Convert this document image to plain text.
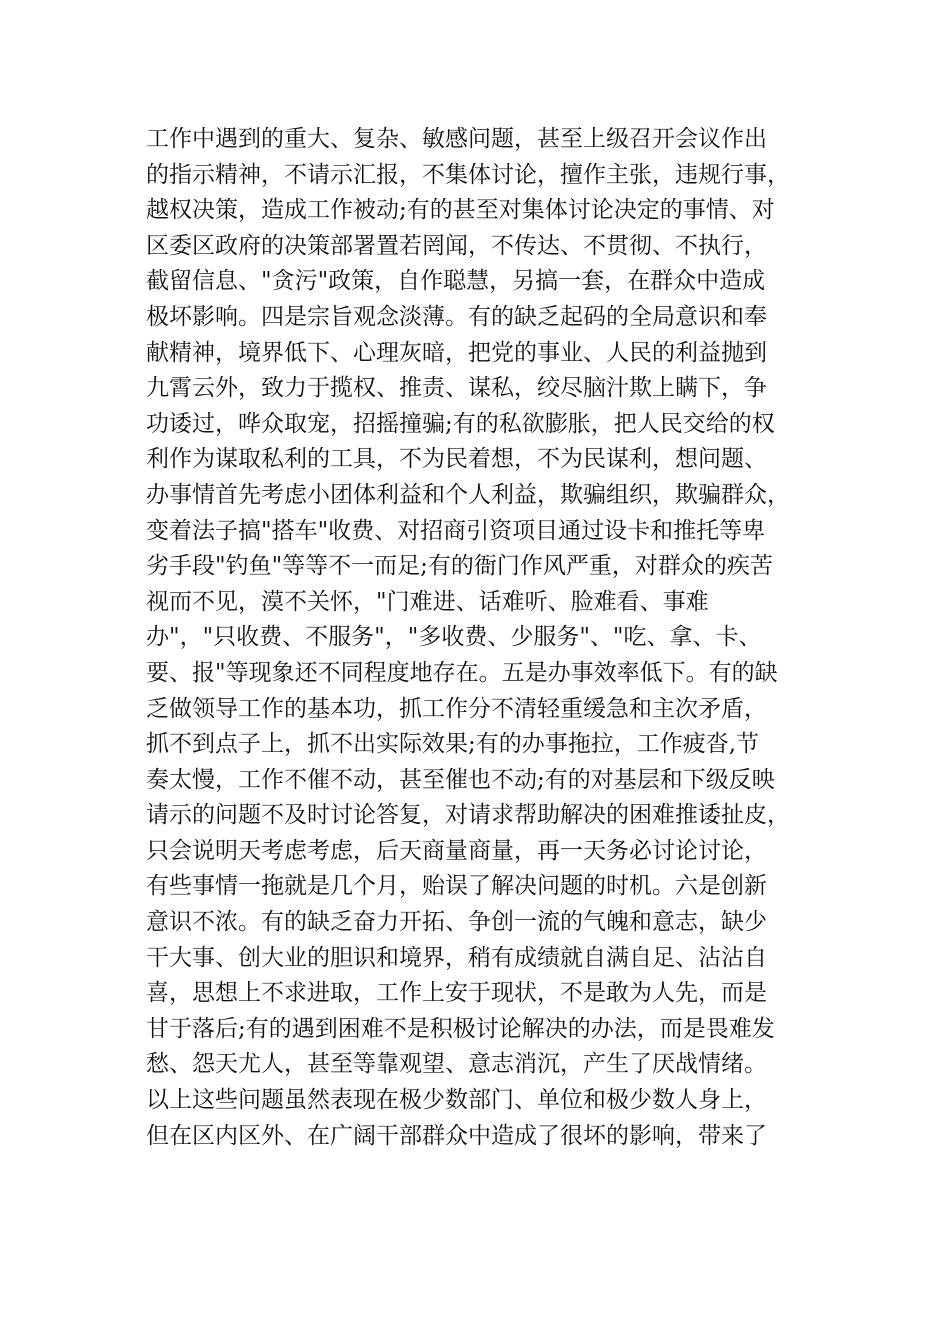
工作中遇到的重大、复杂、敏感问题，甚至上级召开会议作出
的指示精神，不请示汇报，不集体讨论，擅作主张，违规行事，
越权决策，造成工作被动;有的甚至对集体讨论决定的事情、对
区委区政府的决策部署置若罔闻，不传达、不贯彻、不执行，
截留信息、"贪污"政策，自作聪慧，另搞一套，在群众中造成
极坏影响。四是宗旨观念淡薄。有的缺乏起码的全局意识和奉
献精神，境界低下、心理灰暗，把党的事业、人民的利益抛到
九霄云外，致力于揽权、推责、谋私，绞尽脑汁欺上瞒下，争
功诿过，哗众取宠，招摇撞骗;有的私欲膨胀，把人民交给的权
利作为谋取私利的工具，不为民着想，不为民谋利，想问题、
办事情首先考虑小团体利益和个人利益，欺骗组织，欺骗群众，
变着法子搞"搭车"收费、对招商引资项目通过设卡和推托等卑
劣手段"钓鱼"等等不一而足;有的衙门作风严重，对群众的疾苦
视而不见，漠不关怀，"门难进、话难听、脸难看、事难
办"，"只收费、不服务"，"多收费、少服务"、"吃、拿、卡、
要、报"等现象还不同程度地存在。五是办事效率低下。有的缺
乏做领导工作的基本功，抓工作分不清轻重缓急和主次矛盾，
抓不到点子上，抓不出实际效果;有的办事拖拉，工作疲沓,节
奏太慢，工作不催不动，甚至催也不动;有的对基层和下级反映
请示的问题不及时讨论答复，对请求帮助解决的困难推诿扯皮，
只会说明天考虑考虑，后天商量商量，再一天务必讨论讨论，
有些事情一拖就是几个月，贻误了解决问题的时机。六是创新
意识不浓。有的缺乏奋力开拓、争创一流的气魄和意志，缺少
干大事、创大业的胆识和境界，稍有成绩就自满自足、沾沾自
喜，思想上不求进取，工作上安于现状，不是敢为人先，而是
甘于落后;有的遇到困难不是积极讨论解决的办法，而是畏难发
愁、怨天尤人，甚至等靠观望、意志消沉，产生了厌战情绪。
以上这些问题虽然表现在极少数部门、单位和极少数人身上，
但在区内区外、在广阔干部群众中造成了很坏的影响，带来了
